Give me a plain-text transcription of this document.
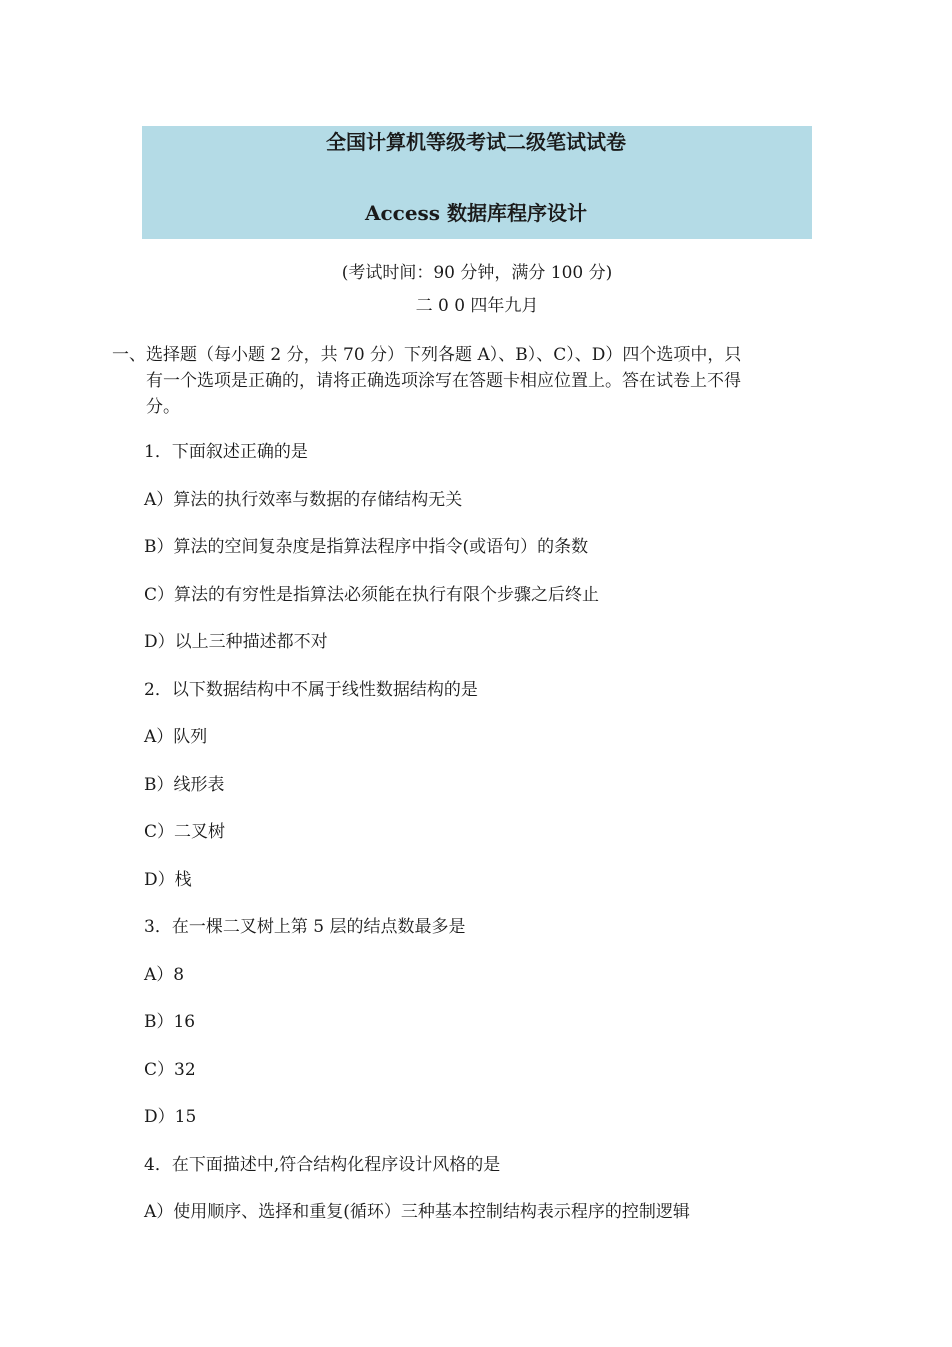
全国计算机等级考试二级笔试试卷
Access 数据库程序设计
(考试时间：90 分钟，满分 100 分)
二 0 0 四年九月
一、选择题（每小题 2 分，共 70 分）下列各题 A）、B）、C）、D）四个选项中，只
有一个选项是正确的，请将正确选项涂写在答题卡相应位置上。答在试卷上不得
分。
1．下面叙述正确的是
A）算法的执行效率与数据的存储结构无关
B）算法的空间复杂度是指算法程序中指令(或语句）的条数
C）算法的有穷性是指算法必须能在执行有限个步骤之后终止
D）以上三种描述都不对
2．以下数据结构中不属于线性数据结构的是
A）队列
B）线形表
C）二叉树
D）栈
3．在一棵二叉树上第 5 层的结点数最多是
A）8
B）16
C）32
D）15
4．在下面描述中,符合结构化程序设计风格的是
A）使用顺序、选择和重复(循环）三种基本控制结构表示程序的控制逻辑
